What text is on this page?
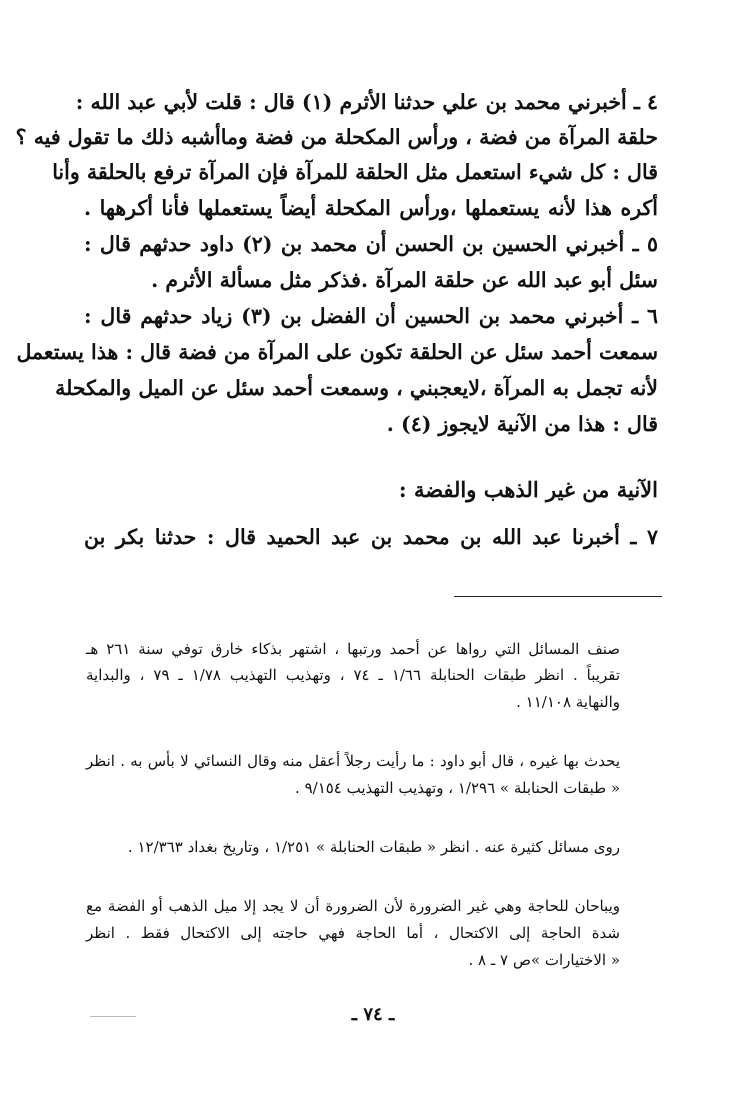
٤ ـ أخبرني محمد بن علي حدثنا الأثرم (١) قال : قلت لأبي عبد الله :
حلقة المرآة من فضة ، ورأس المكحلة من فضة وماأشبه ذلك ما تقول فيه ؟
قال : كل شيء استعمل مثل الحلقة للمرآة فإن المرآة ترفع بالحلقة وأنا
أكره هذا لأنه يستعملها ،ورأس المكحلة أيضاً يستعملها فأنا أكرهها .
٥ ـ أخبرني الحسين بن الحسن أن محمد بن (٢) داود حدثهم قال :
سئل أبو عبد الله عن حلقة المرآة .فذكر مثل مسألة الأثرم .
٦ ـ أخبرني محمد بن الحسين أن الفضل بن (٣) زياد حدثهم قال :
سمعت أحمد سئل عن الحلقة تكون على المرآة من فضة قال : هذا يستعمل
لأنه تجمل به المرآة ،لايعجبني ، وسمعت أحمد سئل عن الميل والمكحلة
قال : هذا من الآنية لايجوز (٤) .
الآنية من غير الذهب والفضة :
٧ ـ أخبرنا عبد الله بن محمد بن عبد الحميد قال : حدثنا بكر بن
صنف المسائل التي رواها عن أحمد ورتبها ، اشتهر بذكاء خارق توفي سنة ٢٦١ هـ
تقريباً . انظر طبقات الحنابلة ١/٦٦ ـ ٧٤ ، وتهذيب التهذيب ١/٧٨ ـ ٧٩ ، والبداية
والنهاية ١١/١٠٨ .
يحدث بها غيره ، قال أبو داود : ما رأيت رجلاً أعقل منه وقال النسائي لا بأس به . انظر
« طبقات الحنابلة » ١/٢٩٦ ، وتهذيب التهذيب ٩/١٥٤ .
روى مسائل كثيرة عنه . انظر « طبقات الحنابلة » ١/٢٥١ ، وتاريخ بغداد ١٢/٣٦٣ .
ويباحان للحاجة وهي غير الضرورة لأن الضرورة أن لا يجد إلا ميل الذهب أو الفضة مع
شدة الحاجة إلى الاكتحال ، أما الحاجة فهي حاجته إلى الاكتحال فقط . انظر
« الاختيارات »ص ٧ ـ ٨ .
ـ ٧٤ ـ
